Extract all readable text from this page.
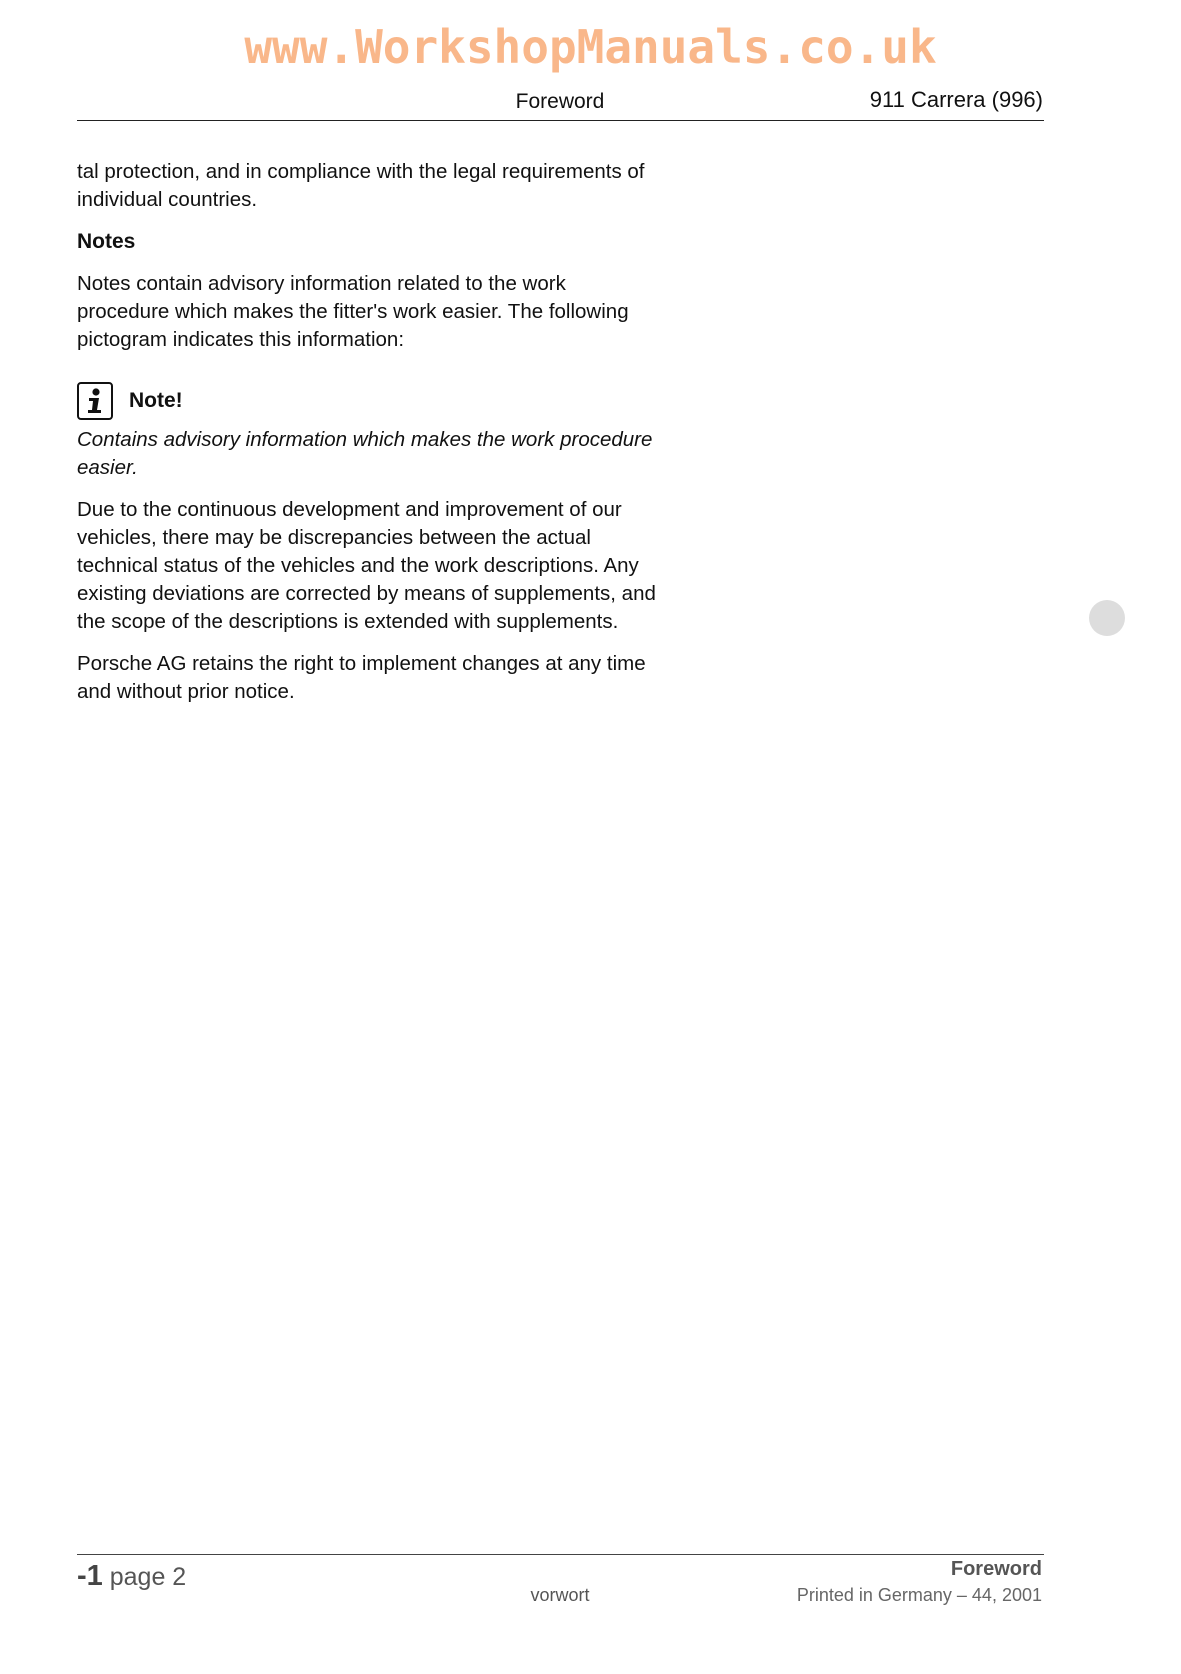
www.WorkshopManuals.co.uk
Foreword	911 Carrera (996)

tal protection, and in compliance with the legal requirements of individual countries.

Notes

Notes contain advisory information related to the work procedure which makes the fitter's work easier. The following pictogram indicates this information:

Note!

Contains advisory information which makes the work procedure easier.

Due to the continuous development and improvement of our vehicles, there may be discrepancies between the actual technical status of the vehicles and the work descriptions. Any existing deviations are corrected by means of supplements, and the scope of the descriptions is extended with supplements.

Porsche AG retains the right to implement changes at any time and without prior notice.

-1 page 2
vorwort
Foreword
Printed in Germany – 44, 2001
